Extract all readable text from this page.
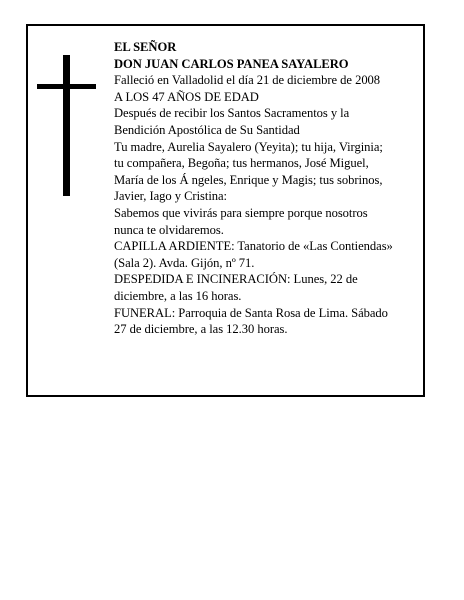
EL SEÑOR
DON JUAN CARLOS PANEA SAYALERO
Falleció en Valladolid el día 21 de diciembre de 2008
A LOS 47 AÑOS DE EDAD
Después de recibir los Santos Sacramentos y la
Bendición Apostólica de Su Santidad
Tu madre, Aurelia Sayalero (Yeyita); tu hija, Virginia;
tu compañera, Begoña; tus hermanos, José Miguel,
María de los Á ngeles, Enrique y Magis; tus sobrinos,
Javier, Iago y Cristina:
Sabemos que vivirás para siempre porque nosotros
nunca te olvidaremos.
CAPILLA ARDIENTE: Tanatorio de «Las Contiendas»
(Sala 2). Avda. Gijón, nº 71.
DESPEDIDA E INCINERACIÓN: Lunes, 22 de
diciembre, a las 16 horas.
FUNERAL: Parroquia de Santa Rosa de Lima. Sábado
27 de diciembre, a las 12.30 horas.
